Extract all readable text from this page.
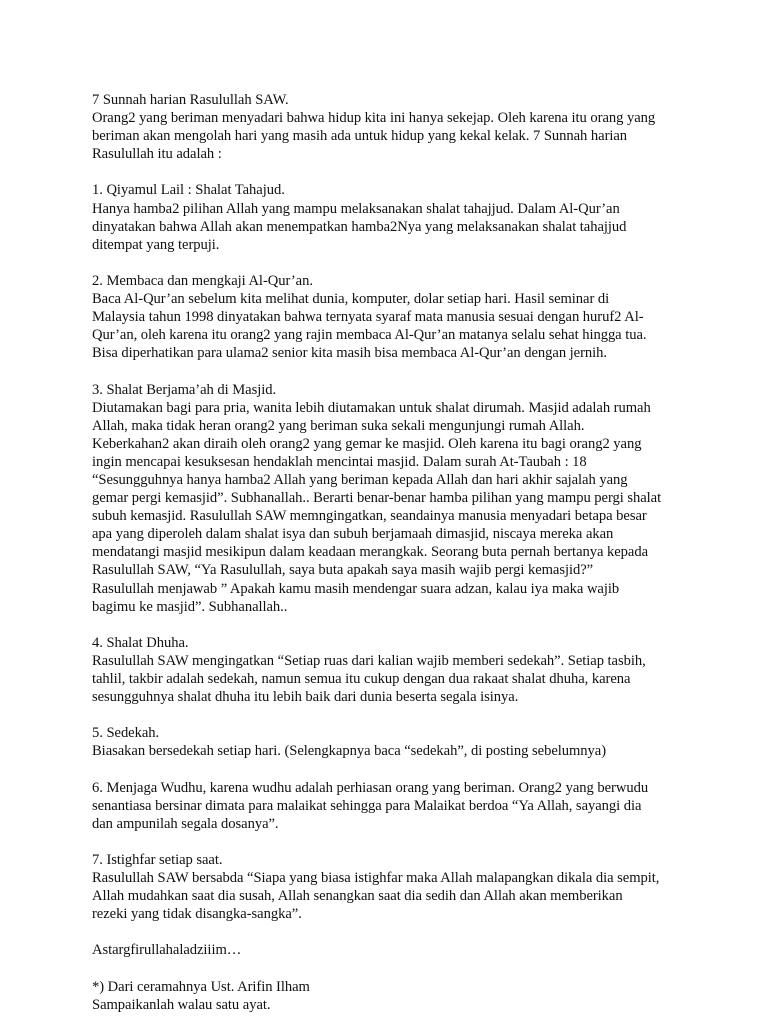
7 Sunnah harian Rasulullah SAW.

Orang2 yang beriman menyadari bahwa hidup kita ini hanya sekejap. Oleh karena itu orang yang
beriman akan mengolah hari yang masih ada untuk hidup yang kekal kelak. 7 Sunnah harian
Rasulullah itu adalah :

1. Qiyamul Lail : Shalat Tahajud.

Hanya hamba2 pilihan Allah yang mampu melaksanakan shalat tahajjud. Dalam Al-Qur’an
dinyatakan bahwa Allah akan menempatkan hamba2Nya yang melaksanakan shalat tahajjud
ditempat yang terpuji.

2. Membaca dan mengkaji Al-Qur’an.

Baca Al-Qur’an sebelum kita melihat dunia, komputer, dolar setiap hari. Hasil seminar di
Malaysia tahun 1998 dinyatakan bahwa ternyata syaraf mata manusia sesuai dengan huruf2 Al-
Qur’an, oleh karena itu orang2 yang rajin membaca Al-Qur’an matanya selalu sehat hingga tua.
Bisa diperhatikan para ulama2 senior kita masih bisa membaca Al-Qur’an dengan jernih.

3. Shalat Berjama’ah di Masjid.

Diutamakan bagi para pria, wanita lebih diutamakan untuk shalat dirumah. Masjid adalah rumah
Allah, maka tidak heran orang2 yang beriman suka sekali mengunjungi rumah Allah.
Keberkahan2 akan diraih oleh orang2 yang gemar ke masjid. Oleh karena itu bagi orang2 yang
ingin mencapai kesuksesan hendaklah mencintai masjid. Dalam surah At-Taubah : 18
“Sesungguhnya hanya hamba2 Allah yang beriman kepada Allah dan hari akhir sajalah yang
gemar pergi kemasjid”. Subhanallah.. Berarti benar-benar hamba pilihan yang mampu pergi shalat
subuh kemasjid. Rasulullah SAW memngingatkan, seandainya manusia menyadari betapa besar
apa yang diperoleh dalam shalat isya dan subuh berjamaah dimasjid, niscaya mereka akan
mendatangi masjid mesikipun dalam keadaan merangkak. Seorang buta pernah bertanya kepada
Rasulullah SAW, “Ya Rasulullah, saya buta apakah saya masih wajib pergi kemasjid?”
Rasulullah menjawab ” Apakah kamu masih mendengar suara adzan, kalau iya maka wajib
bagimu ke masjid”. Subhanallah..

4. Shalat Dhuha.

Rasulullah SAW mengingatkan “Setiap ruas dari kalian wajib memberi sedekah”. Setiap tasbih,
tahlil, takbir adalah sedekah, namun semua itu cukup dengan dua rakaat shalat dhuha, karena
sesungguhnya shalat dhuha itu lebih baik dari dunia beserta segala isinya.

5. Sedekah.

Biasakan bersedekah setiap hari. (Selengkapnya baca “sedekah”, di posting sebelumnya)

6. Menjaga Wudhu, karena wudhu adalah perhiasan orang yang beriman. Orang2 yang berwudu
senantiasa bersinar dimata para malaikat sehingga para Malaikat berdoa “Ya Allah, sayangi dia
dan ampunilah segala dosanya”.

7. Istighfar setiap saat.

Rasulullah SAW bersabda “Siapa yang biasa istighfar maka Allah malapangkan dikala dia sempit,
Allah mudahkan saat dia susah, Allah senangkan saat dia sedih dan Allah akan memberikan
rezeki yang tidak disangka-sangka”.

Astargfirullahaladziiim…

*) Dari ceramahnya Ust. Arifin Ilham

Sampaikanlah walau satu ayat.
